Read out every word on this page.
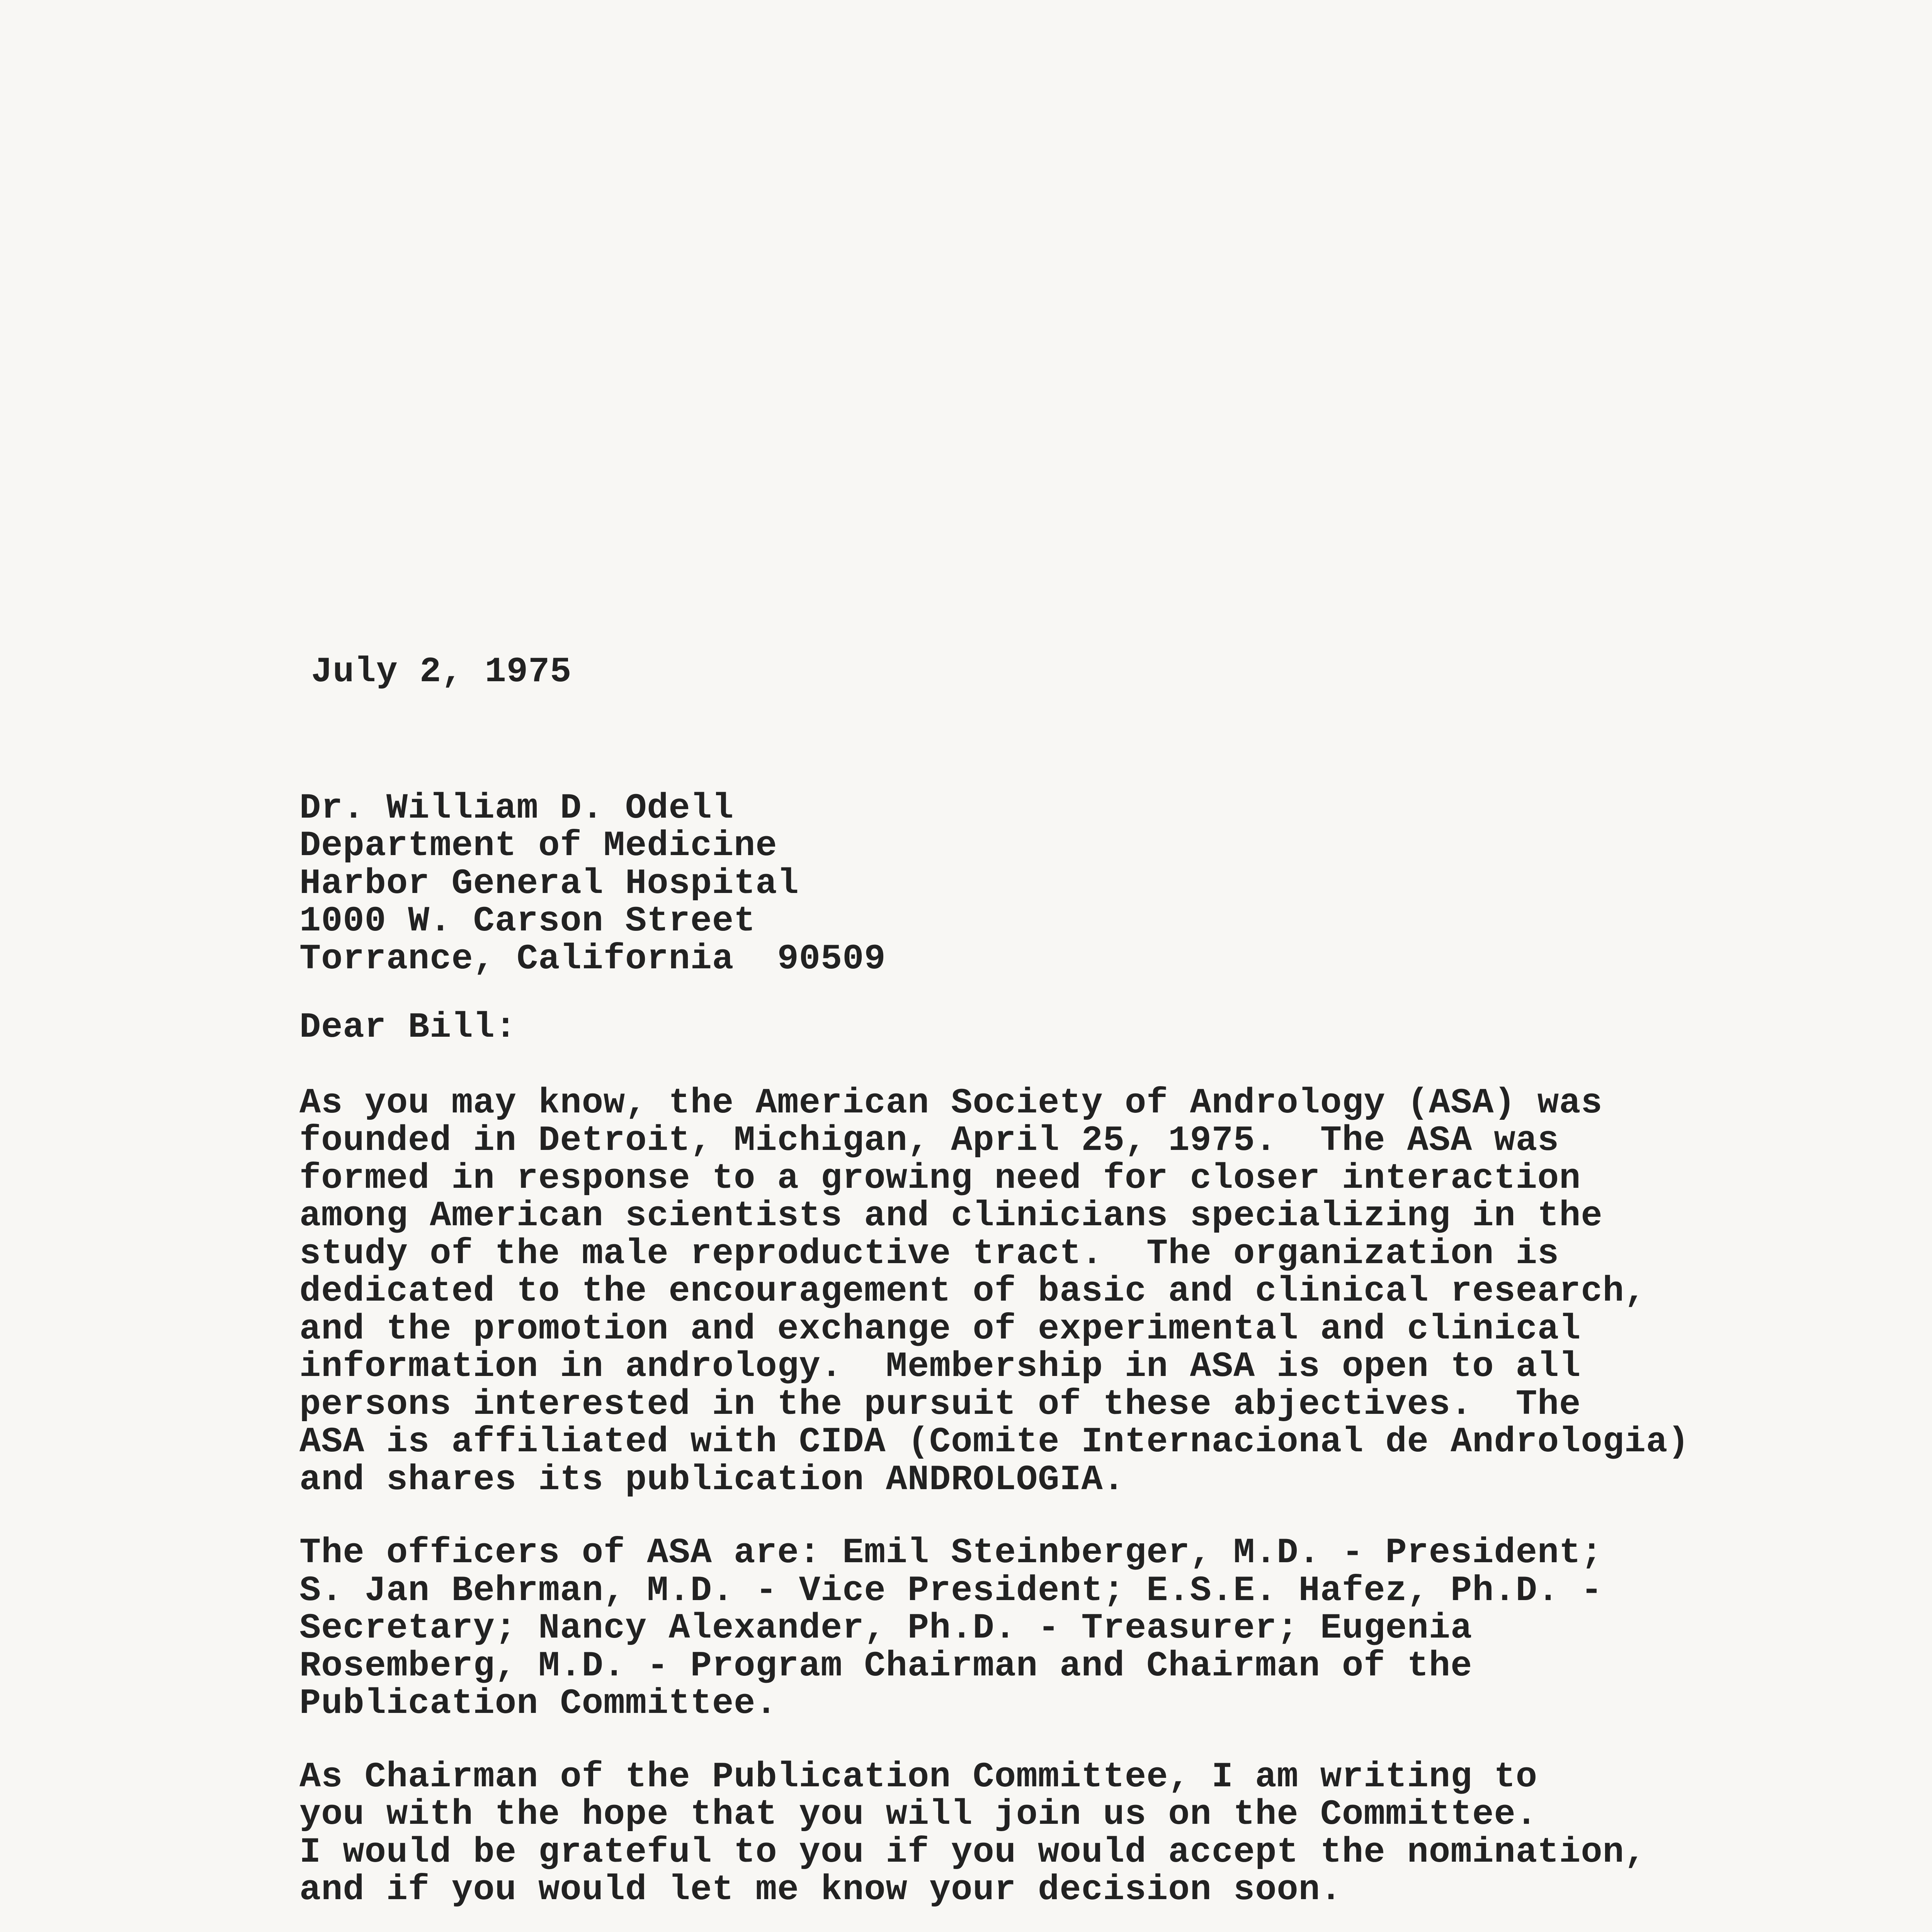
July 2, 1975
Dr. William D. Odell
Department of Medicine
Harbor General Hospital
1000 W. Carson Street
Torrance, California  90509
Dear Bill:
As you may know, the American Society of Andrology (ASA) was
founded in Detroit, Michigan, April 25, 1975.  The ASA was
formed in response to a growing need for closer interaction
among American scientists and clinicians specializing in the
study of the male reproductive tract.  The organization is
dedicated to the encouragement of basic and clinical research,
and the promotion and exchange of experimental and clinical
information in andrology.  Membership in ASA is open to all
persons interested in the pursuit of these abjectives.  The
ASA is affiliated with CIDA (Comite Internacional de Andrologia)
and shares its publication ANDROLOGIA.
The officers of ASA are: Emil Steinberger, M.D. - President;
S. Jan Behrman, M.D. - Vice President; E.S.E. Hafez, Ph.D. -
Secretary; Nancy Alexander, Ph.D. - Treasurer; Eugenia
Rosemberg, M.D. - Program Chairman and Chairman of the
Publication Committee.
As Chairman of the Publication Committee, I am writing to
you with the hope that you will join us on the Committee.
I would be grateful to you if you would accept the nomination,
and if you would let me know your decision soon.
